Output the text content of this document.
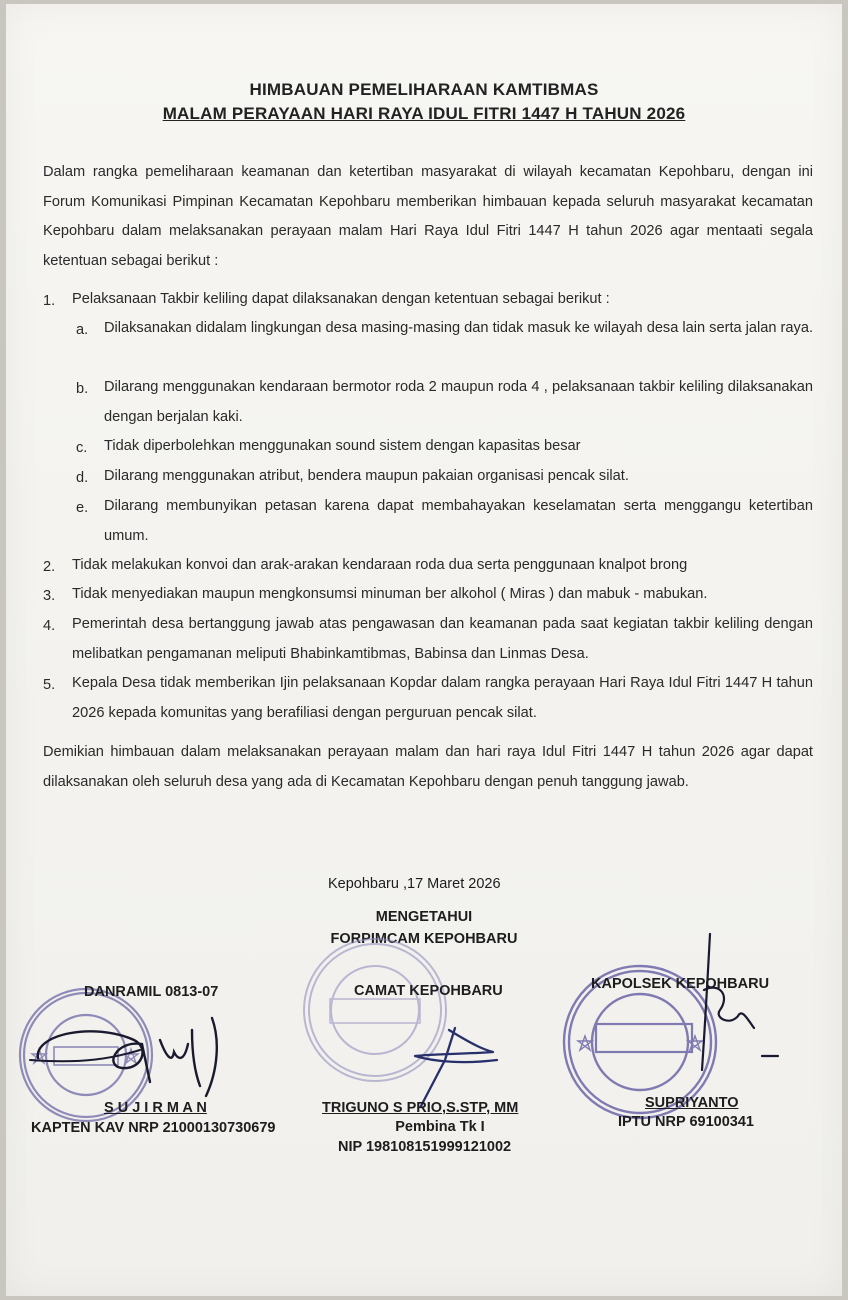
HIMBAUAN PEMELIHARAAN KAMTIBMAS
MALAM PERAYAAN HARI RAYA IDUL FITRI 1447 H TAHUN 2026
Dalam rangka pemeliharaan keamanan dan ketertiban masyarakat di wilayah kecamatan Kepohbaru, dengan ini Forum Komunikasi Pimpinan Kecamatan Kepohbaru memberikan himbauan kepada seluruh masyarakat kecamatan Kepohbaru dalam melaksanakan perayaan malam Hari Raya Idul Fitri 1447 H tahun 2026 agar mentaati segala ketentuan sebagai berikut :
1.	Pelaksanaan Takbir keliling dapat dilaksanakan dengan ketentuan sebagai berikut :
a.	Dilaksanakan didalam lingkungan desa masing-masing dan tidak masuk ke wilayah desa lain serta jalan raya.
b.	Dilarang menggunakan kendaraan bermotor roda 2 maupun roda 4 , pelaksanaan takbir keliling dilaksanakan dengan berjalan kaki.
c.	Tidak diperbolehkan menggunakan sound sistem dengan kapasitas besar
d.	Dilarang menggunakan atribut, bendera maupun pakaian organisasi pencak silat.
e.	Dilarang membunyikan petasan karena dapat membahayakan keselamatan serta menggangu ketertiban umum.
2.	Tidak melakukan konvoi dan arak-arakan kendaraan roda dua serta penggunaan knalpot brong
3.	Tidak menyediakan maupun mengkonsumsi minuman ber alkohol ( Miras ) dan mabuk - mabukan.
4.	Pemerintah desa bertanggung jawab atas pengawasan dan keamanan pada saat kegiatan takbir keliling dengan melibatkan pengamanan meliputi Bhabinkamtibmas, Babinsa dan Linmas Desa.
5.	Kepala Desa tidak memberikan Ijin pelaksanaan Kopdar dalam rangka perayaan Hari Raya Idul Fitri 1447 H tahun 2026 kepada komunitas yang berafiliasi dengan perguruan pencak silat.
Demikian himbauan dalam melaksanakan perayaan malam dan hari raya Idul Fitri 1447 H tahun 2026 agar dapat dilaksanakan oleh seluruh desa yang ada di Kecamatan Kepohbaru dengan penuh tanggung jawab.
Kepohbaru ,17 Maret 2026
MENGETAHUI
FORPIMCAM KEPOHBARU
DANRAMIL 0813-07	CAMAT KEPOHBARU	KAPOLSEK KEPOHBARU
S U J I R M A N	TRIGUNO S PRIO,S.STP, MM	SUPRIYANTO
KAPTEN KAV NRP 21000130730679	Pembina Tk I
NIP 198108151999121002
IPTU NRP 69100341
